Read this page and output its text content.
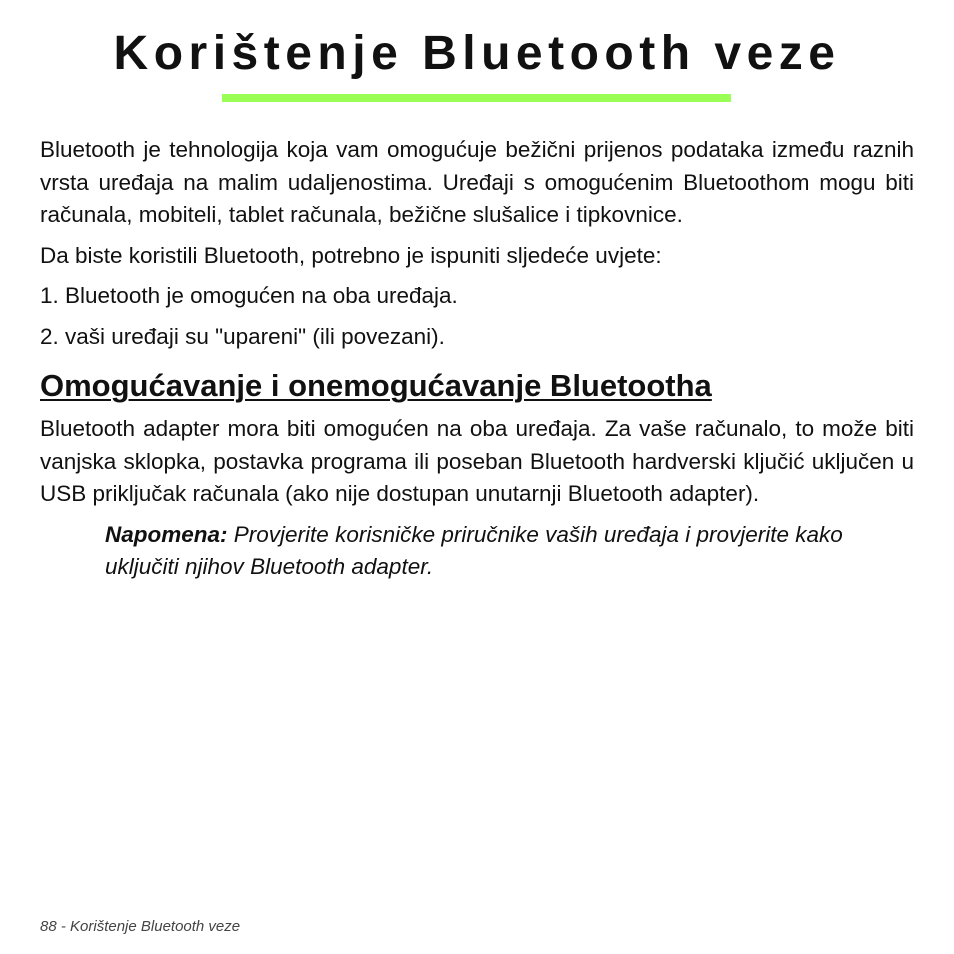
Korištenje Bluetooth veze

Bluetooth je tehnologija koja vam omogućuje bežični prijenos podataka između raznih vrsta uređaja na malim udaljenostima. Uređaji s omogućenim Bluetoothom mogu biti računala, mobiteli, tablet računala, bežične slušalice i tipkovnice.

Da biste koristili Bluetooth, potrebno je ispuniti sljedeće uvjete:

1. Bluetooth je omogućen na oba uređaja.

2. vaši uređaji su "upareni" (ili povezani).

Omogućavanje i onemogućavanje Bluetootha

Bluetooth adapter mora biti omogućen na oba uređaja. Za vaše računalo, to može biti vanjska sklopka, postavka programa ili poseban Bluetooth hardverski ključić uključen u USB priključak računala (ako nije dostupan unutarnji Bluetooth adapter).

Napomena: Provjerite korisničke priručnike vaših uređaja i provjerite kako uključiti njihov Bluetooth adapter.

88 - Korištenje Bluetooth veze
